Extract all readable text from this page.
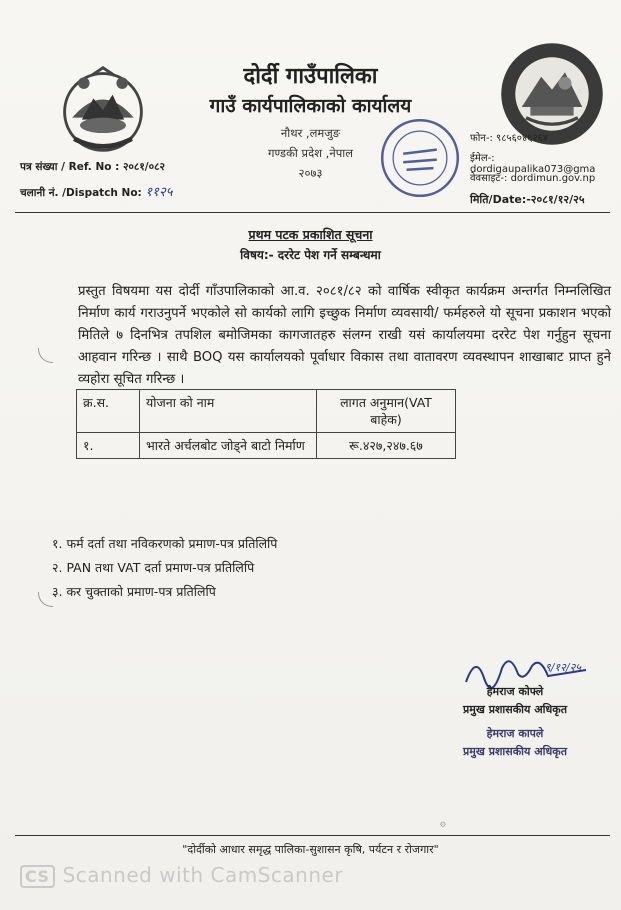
दोर्दी गाउँपालिका
गाउँ कार्यपालिकाको कार्यालय
नौथर ,लमजुङ
गण्डकी प्रदेश ,नेपाल
२०७३
पत्र संख्या / Ref. No : २०८१/०८२
चलानी नं. /Dispatch No: ११२५
फोन-: ९८५६०४६२६४
ईमेल-: dordigaupalika073@gma
वेवसाइट-: dordimun.gov.np
मिति/Date:-२०८१/१२/२५
प्रथम पटक प्रकाशित सूचना
विषय:- दररेट पेश गर्ने सम्बन्धमा
प्रस्तुत विषयमा यस दोर्दी गाँउपालिकाको आ.व. २०८१/८२ को वार्षिक स्वीकृत कार्यक्रम अन्तर्गत निम्नलिखित निर्माण कार्य गराउनुपर्ने भएकोले सो कार्यको लागि इच्छुक निर्माण व्यवसायी/ फर्महरुले यो सूचना प्रकाशन भएको मितिले ७ दिनभित्र तपशिल बमोजिमका कागजातहरु संलग्न राखी यसं कार्यालयमा दररेट पेश गर्नुहुन सूचना आहवान गरिन्छ । साथै BOQ यस कार्यालयको पूर्वाधार विकास तथा वातावरण व्यवस्थापन शाखाबाट प्राप्त हुने व्यहोरा सूचित गरिन्छ ।
क्र.स.	योजना को नाम	लागत अनुमान(VAT बाहेक)
१.	भारते अर्चलबोट जोड्ने बाटो निर्माण	रू.४२७,२४७.६७
१. फर्म दर्ता तथा नविकरणको प्रमाण-पत्र प्रतिलिपि
२. PAN तथा VAT दर्ता प्रमाण-पत्र प्रतिलिपि
३. कर चुक्ताको प्रमाण-पत्र प्रतिलिपि
९/१२/२५
हेमराज कोफ्ले
प्रमुख प्रशासकीय अधिकृत
हेमराज कापले
प्रमुख प्रशासकीय अधिकृत
۞
"दोर्दीको आधार समृद्ध पालिका-सुशासन कृषि, पर्यटन र रोजगार"
CS Scanned with CamScanner
